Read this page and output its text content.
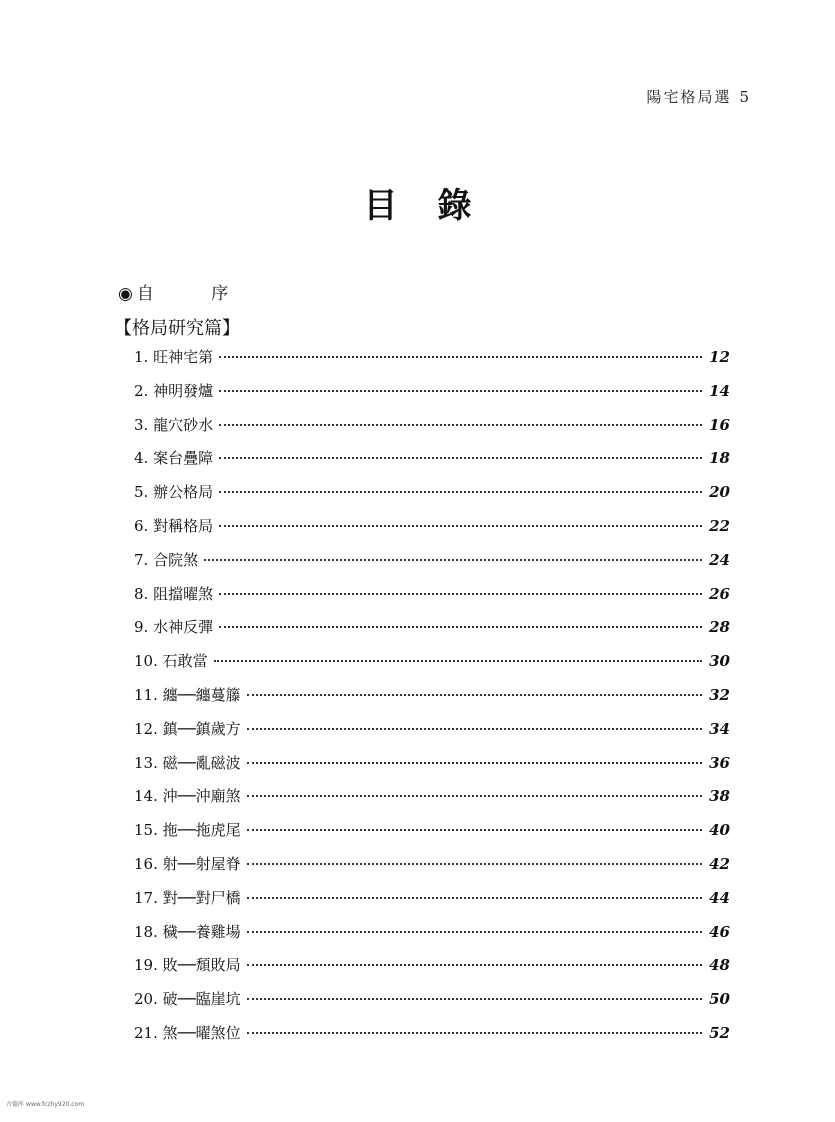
陽宅格局選 5
目錄
◉ 自 序
【格局研究篇】
1. 旺神宅第	12
2. 神明發爐	14
3. 龍穴砂水	16
4. 案台疊障	18
5. 辦公格局	20
6. 對稱格局	22
7. 合院煞	24
8. 阻擋曜煞	26
9. 水神反彈	28
10. 石敢當	30
11. 纏──纏蔓籐	32
12. 鎮──鎮歲方	34
13. 磁──亂磁波	36
14. 沖──沖廟煞	38
15. 拖──拖虎尾	40
16. 射──射屋脊	42
17. 對──對尸橋	44
18. 穢──養雞場	46
19. 敗──頹敗局	48
20. 破──臨崖坑	50
21. 煞──曜煞位	52
古德库 www.fczhy920.com
